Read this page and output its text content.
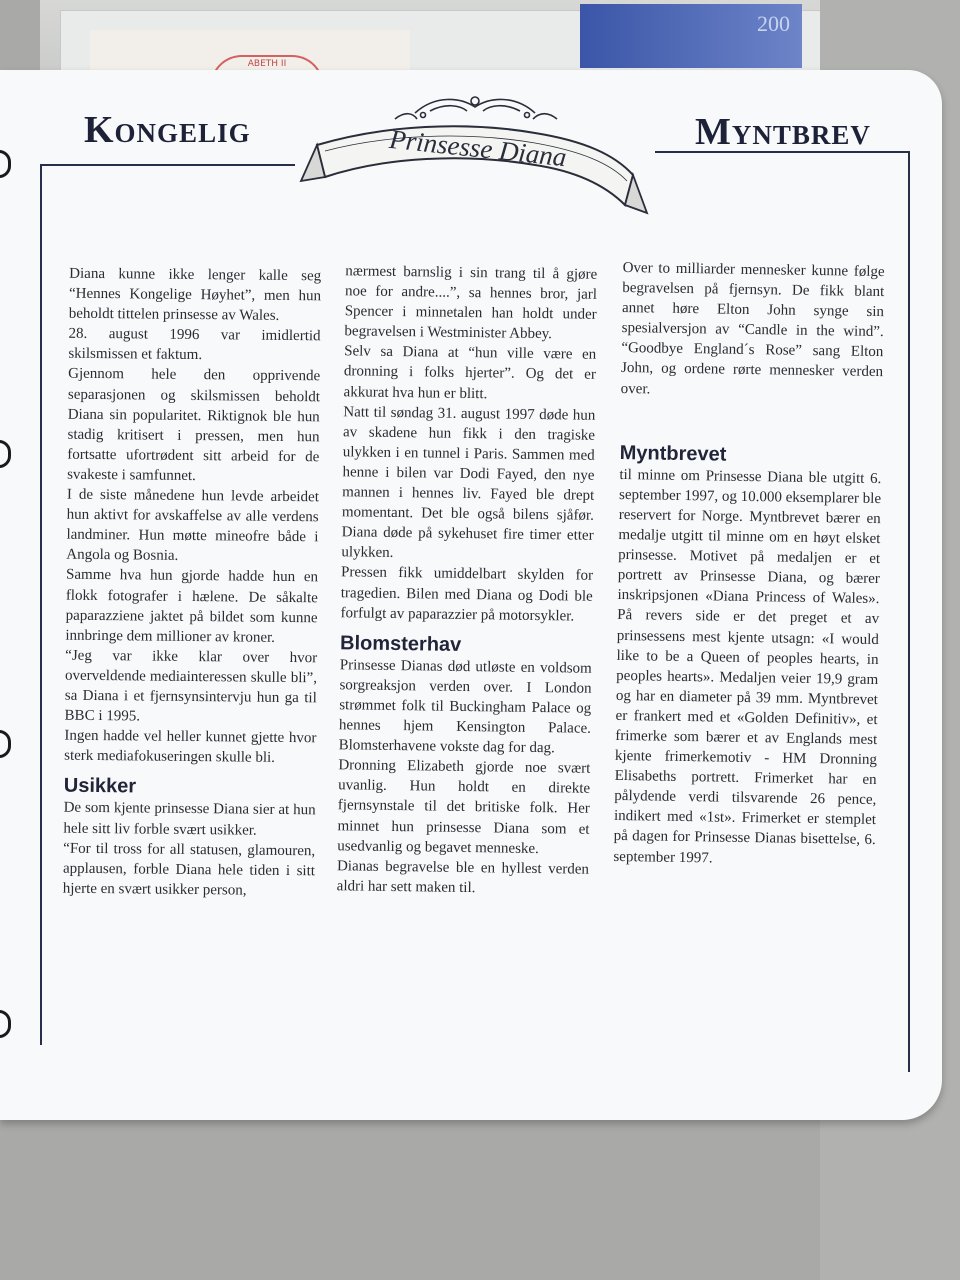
ABETH II
200
Kongelig	Myntbrev
Prinsesse Diana

Diana kunne ikke lenger kalle seg “Hennes Kongelige Høyhet”, men hun beholdt tittelen prinsesse av Wales.

28. august 1996 var imidlertid skilsmissen et faktum.

Gjennom hele den opprivende separasjonen og skilsmissen beholdt Diana sin popularitet. Riktignok ble hun stadig kritisert i pressen, men hun fortsatte ufortrødent sitt arbeid for de svakeste i samfunnet.

I de siste månedene hun levde arbeidet hun aktivt for avskaffelse av alle verdens landminer. Hun møtte mineofre både i Angola og Bosnia.

Samme hva hun gjorde hadde hun en flokk fotografer i hælene. De såkalte paparazziene jaktet på bildet som kunne innbringe dem millioner av kroner.

“Jeg var ikke klar over hvor overveldende mediainteressen skulle bli”, sa Diana i et fjernsynsintervju hun ga til BBC i 1995.

Ingen hadde vel heller kunnet gjette hvor sterk mediafokuseringen skulle bli.

Usikker

De som kjente prinsesse Diana sier at hun hele sitt liv forble svært usikker.

“For til tross for all statusen, glamouren, applausen, forble Diana hele tiden i sitt hjerte en svært usikker person,

nærmest barnslig i sin trang til å gjøre noe for andre....”, sa hennes bror, jarl Spencer i minnetalen han holdt under begravelsen i Westminister Abbey.

Selv sa Diana at “hun ville være en dronning i folks hjerter”. Og det er akkurat hva hun er blitt.

Natt til søndag 31. august 1997 døde hun av skadene hun fikk i den tragiske ulykken i en tunnel i Paris. Sammen med henne i bilen var Dodi Fayed, den nye mannen i hennes liv. Fayed ble drept momentant. Det ble også bilens sjåfør. Diana døde på sykehuset fire timer etter ulykken.

Pressen fikk umiddelbart skylden for tragedien. Bilen med Diana og Dodi ble forfulgt av paparazzier på motorsykler.

Blomsterhav

Prinsesse Dianas død utløste en voldsom sorgreaksjon verden over. I London strømmet folk til Buckingham Palace og hennes hjem Kensington Palace. Blomsterhavene vokste dag for dag.

Dronning Elizabeth gjorde noe svært uvanlig. Hun holdt en direkte fjernsynstale til det britiske folk. Her minnet hun prinsesse Diana som et usedvanlig og begavet menneske.

Dianas begravelse ble en hyllest verden aldri har sett maken til.

Over to milliarder mennesker kunne følge begravelsen på fjernsyn. De fikk blant annet høre Elton John synge sin spesialversjon av “Candle in the wind”. “Goodbye England´s Rose” sang Elton John, og ordene rørte mennesker verden over.

Myntbrevet

til minne om Prinsesse Diana ble utgitt 6. september 1997, og 10.000 eksemplarer ble reservert for Norge. Myntbrevet bærer en medalje utgitt til minne om en høyt elsket prinsesse. Motivet på medaljen er et portrett av Prinsesse Diana, og bærer inskripsjonen «Diana Princess of Wales». På revers side er det preget et av prinsessens mest kjente utsagn: «I would like to be a Queen of peoples hearts, in peoples hearts». Medaljen veier 19,9 gram og har en diameter på 39 mm. Myntbrevet er frankert med et «Golden Definitiv», et frimerke som bærer et av Englands mest kjente frimerkemotiv - HM Dronning Elisabeths portrett. Frimerket har en pålydende verdi tilsvarende 26 pence, indikert med «1st». Frimerket er stemplet på dagen for Prinsesse Dianas bisettelse, 6. september 1997.
